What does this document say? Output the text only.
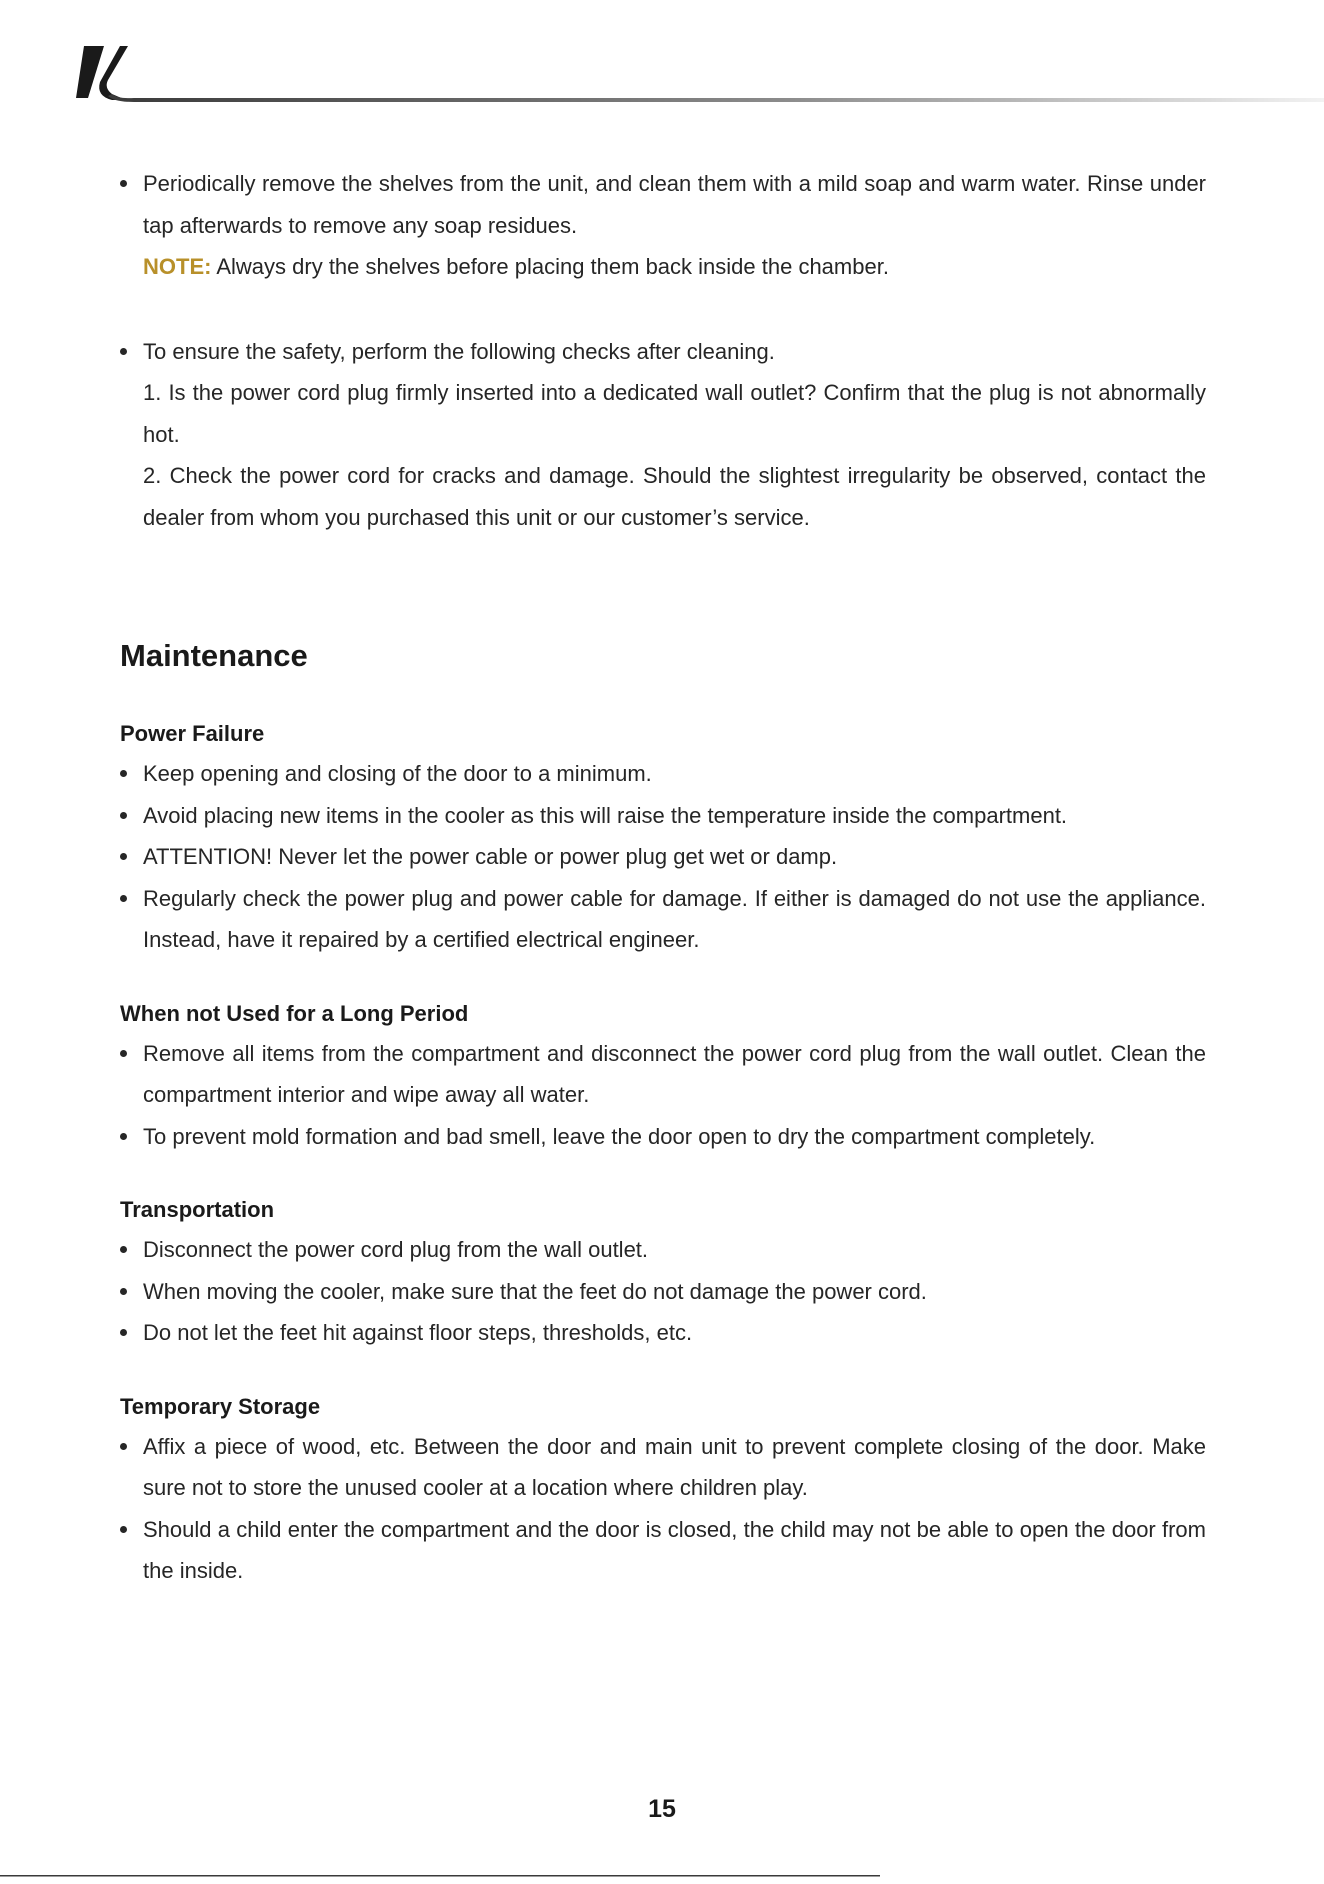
Periodically remove the shelves from the unit, and clean them with a mild soap and warm water. Rinse under tap afterwards to remove any soap residues.
NOTE: Always dry the shelves before placing them back inside the chamber.
To ensure the safety, perform the following checks after cleaning.
1. Is the power cord plug firmly inserted into a dedicated wall outlet? Confirm that the plug is not abnormally hot.
2. Check the power cord for cracks and damage. Should the slightest irregularity be observed, contact the dealer from whom you purchased this unit or our customer’s service.
Maintenance
Power Failure
Keep opening and closing of the door to a minimum.
Avoid placing new items in the cooler as this will raise the temperature inside the compartment.
ATTENTION! Never let the power cable or power plug get wet or damp.
Regularly check the power plug and power cable for damage. If either is damaged do not use the appliance. Instead, have it repaired by a certified electrical engineer.
When not Used for a Long Period
Remove all items from the compartment and disconnect the power cord plug from the wall outlet. Clean the compartment interior and wipe away all water.
To prevent mold formation and bad smell, leave the door open to dry the compartment completely.
Transportation
Disconnect the power cord plug from the wall outlet.
When moving the cooler, make sure that the feet do not damage the power cord.
Do not let the feet hit against floor steps, thresholds, etc.
Temporary Storage
Affix a piece of wood, etc. Between the door and main unit to prevent complete closing of the door. Make sure not to store the unused cooler at a location where children play.
Should a child enter the compartment and the door is closed, the child may not be able to open the door from the inside.
15
